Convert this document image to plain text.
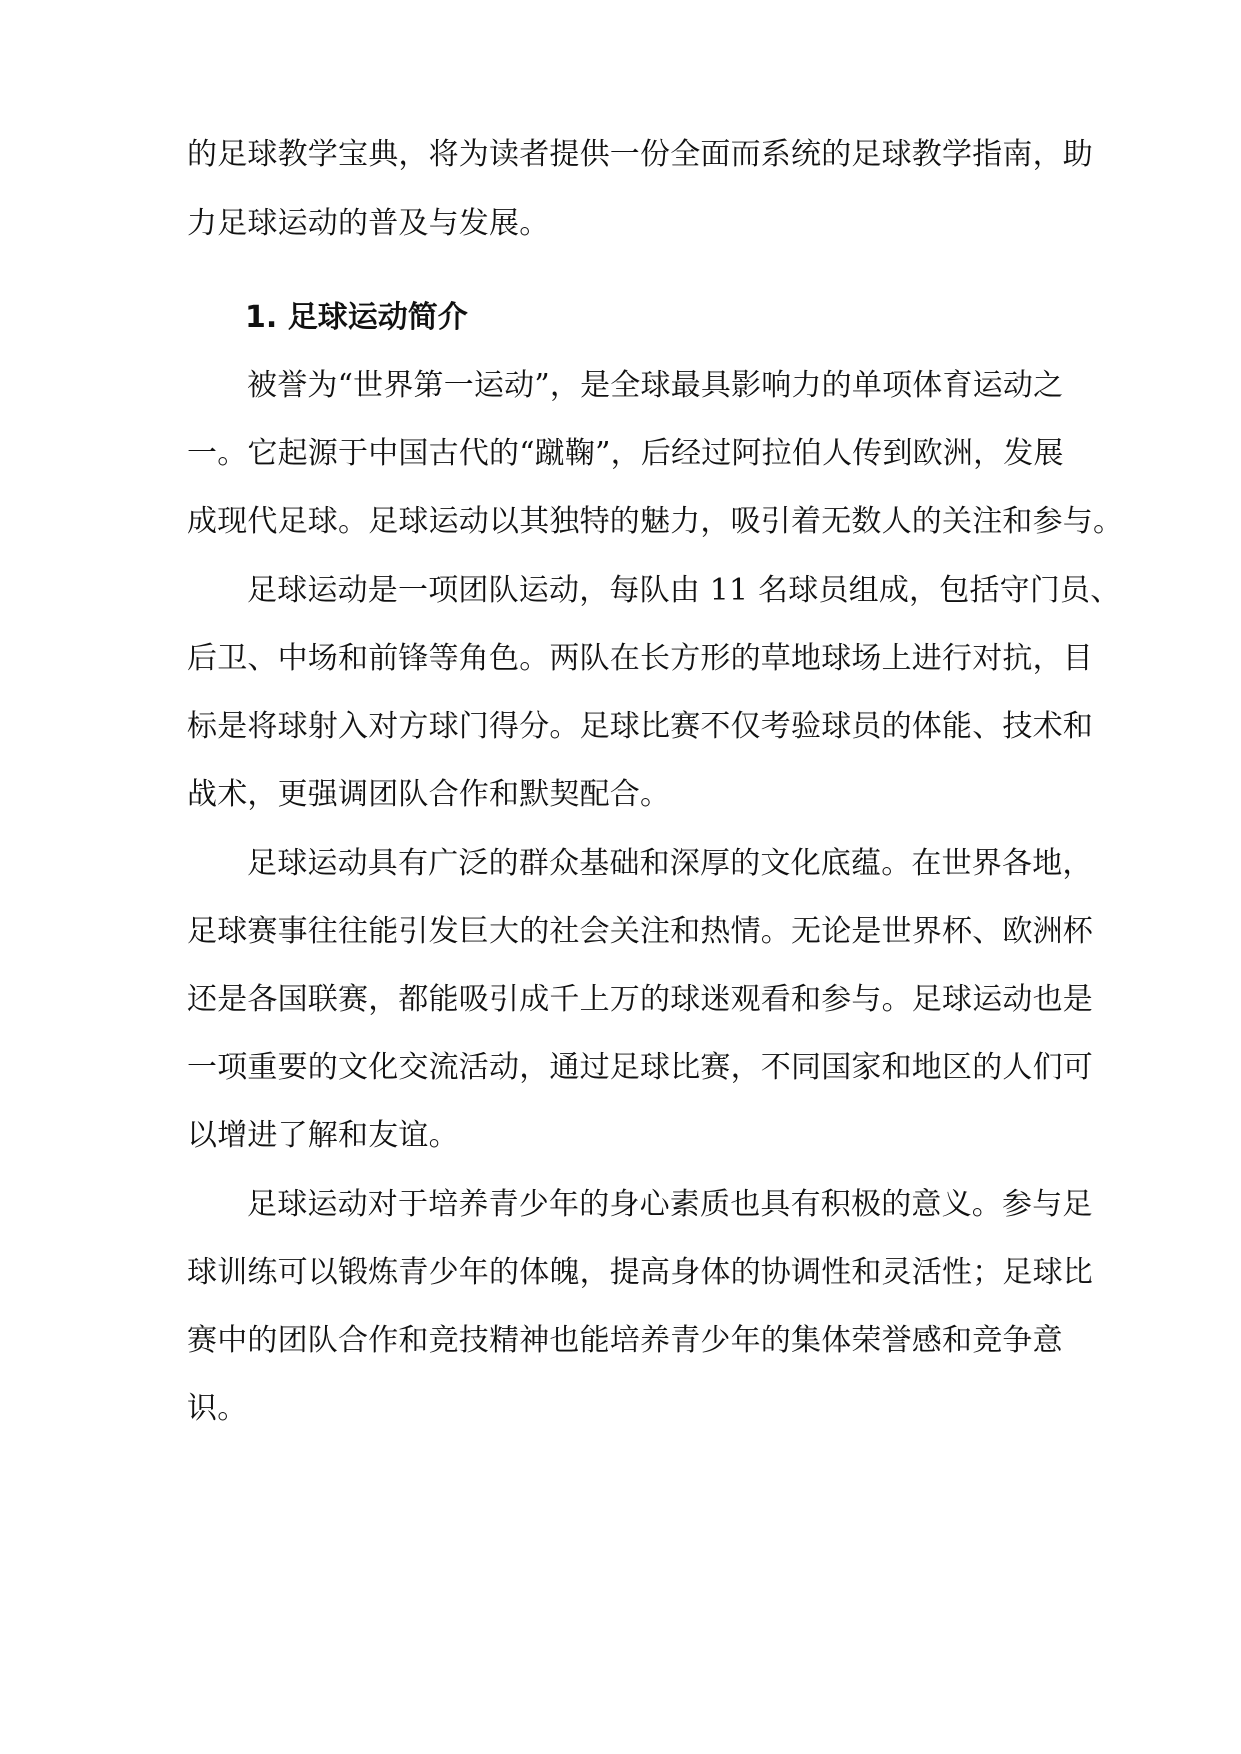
的足球教学宝典，将为读者提供一份全面而系统的足球教学指南，助
力足球运动的普及与发展。
1. 足球运动简介
被誉为“世界第一运动”，是全球最具影响力的单项体育运动之
一。它起源于中国古代的“蹴鞠”，后经过阿拉伯人传到欧洲，发展
成现代足球。足球运动以其独特的魅力，吸引着无数人的关注和参与。
足球运动是一项团队运动，每队由 11 名球员组成，包括守门员、
后卫、中场和前锋等角色。两队在长方形的草地球场上进行对抗，目
标是将球射入对方球门得分。足球比赛不仅考验球员的体能、技术和
战术，更强调团队合作和默契配合。
足球运动具有广泛的群众基础和深厚的文化底蕴。在世界各地，
足球赛事往往能引发巨大的社会关注和热情。无论是世界杯、欧洲杯
还是各国联赛，都能吸引成千上万的球迷观看和参与。足球运动也是
一项重要的文化交流活动，通过足球比赛，不同国家和地区的人们可
以增进了解和友谊。
足球运动对于培养青少年的身心素质也具有积极的意义。参与足
球训练可以锻炼青少年的体魄，提高身体的协调性和灵活性；足球比
赛中的团队合作和竞技精神也能培养青少年的集体荣誉感和竞争意
识。
